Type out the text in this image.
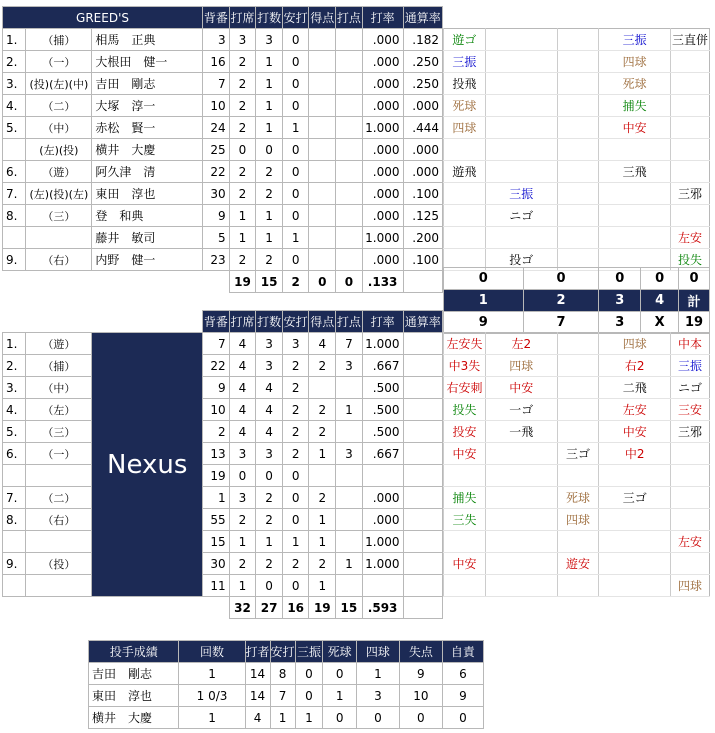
GREED'S			背番	打席	打数	安打	得点	打点	打率	通算率
1.	（捕）	相馬　正典	3	3	3	0			.000	.182
2.	（一）	大根田　健一	16	2	1	0			.000	.250
3.	(投)(左)(中)	吉田　剛志	7	2	1	0			.000	.250
4.	（二）	大塚　淳一	10	2	1	0			.000	.000
5.	（中）	赤松　賢一	24	2	1	1			1.000	.444
	(左)(投)	横井　大慶	25	0	0	0			.000	.000
6.	（遊）	阿久津　清	22	2	2	0			.000	.000
7.	(左)(投)(左)	東田　淳也	30	2	2	0			.000	.100
8.	（三）	登　和典	9	1	1	0			.000	.125
		藤井　敏司	5	1	1	1			1.000	.200
9.	（右）	内野　健一	23	2	2	0			.000	.100
				19	15	2	0	0	.133	
遊ゴ			三振	三直併
三振			四球	
投飛			死球	
死球			捕失	
四球			中安	

遊飛			三飛	
	三振			三邪
	ニゴ			
				左安
	投ゴ			投失
0	0	0	0	0
1	2	3	4	計
9	7	3	X	19
			背番	打席	打数	安打	得点	打点	打率	通算率
1.	（遊）	Nexus	7	4	3	3	4	7	1.000	
2.	（捕）		22	4	3	2	2	3	.667	
3.	（中）		9	4	4	2			.500	
4.	（左）		10	4	4	2	2	1	.500	
5.	（三）		2	4	4	2	2		.500	
6.	（一）		13	3	3	2	1	3	.667	
			19	0	0	0				
7.	（二）		1	3	2	0	2		.000	
8.	（右）		55	2	2	0	1		.000	
			15	1	1	1	1		1.000	
9.	（投）		30	2	2	2	2	1	1.000	
			11	1	0	0	1			
				32	27	16	19	15	.593	
左安失	左2		四球	中本
中3失	四球		右2	三振
右安刺	中安		二飛	ニゴ
投失	一ゴ		左安	三安
投安	一飛		中安	三邪
中安		三ゴ	中2	

捕失		死球	三ゴ	
三失		四球		
				左安
中安		遊安		
				四球
投手成績	回数	打者	安打	三振	死球	四球	失点	自責
吉田　剛志	1	14	8	0	0	1	9	6
東田　淳也	1 0/3	14	7	0	1	3	10	9
横井　大慶	1	4	1	1	0	0	0	0
